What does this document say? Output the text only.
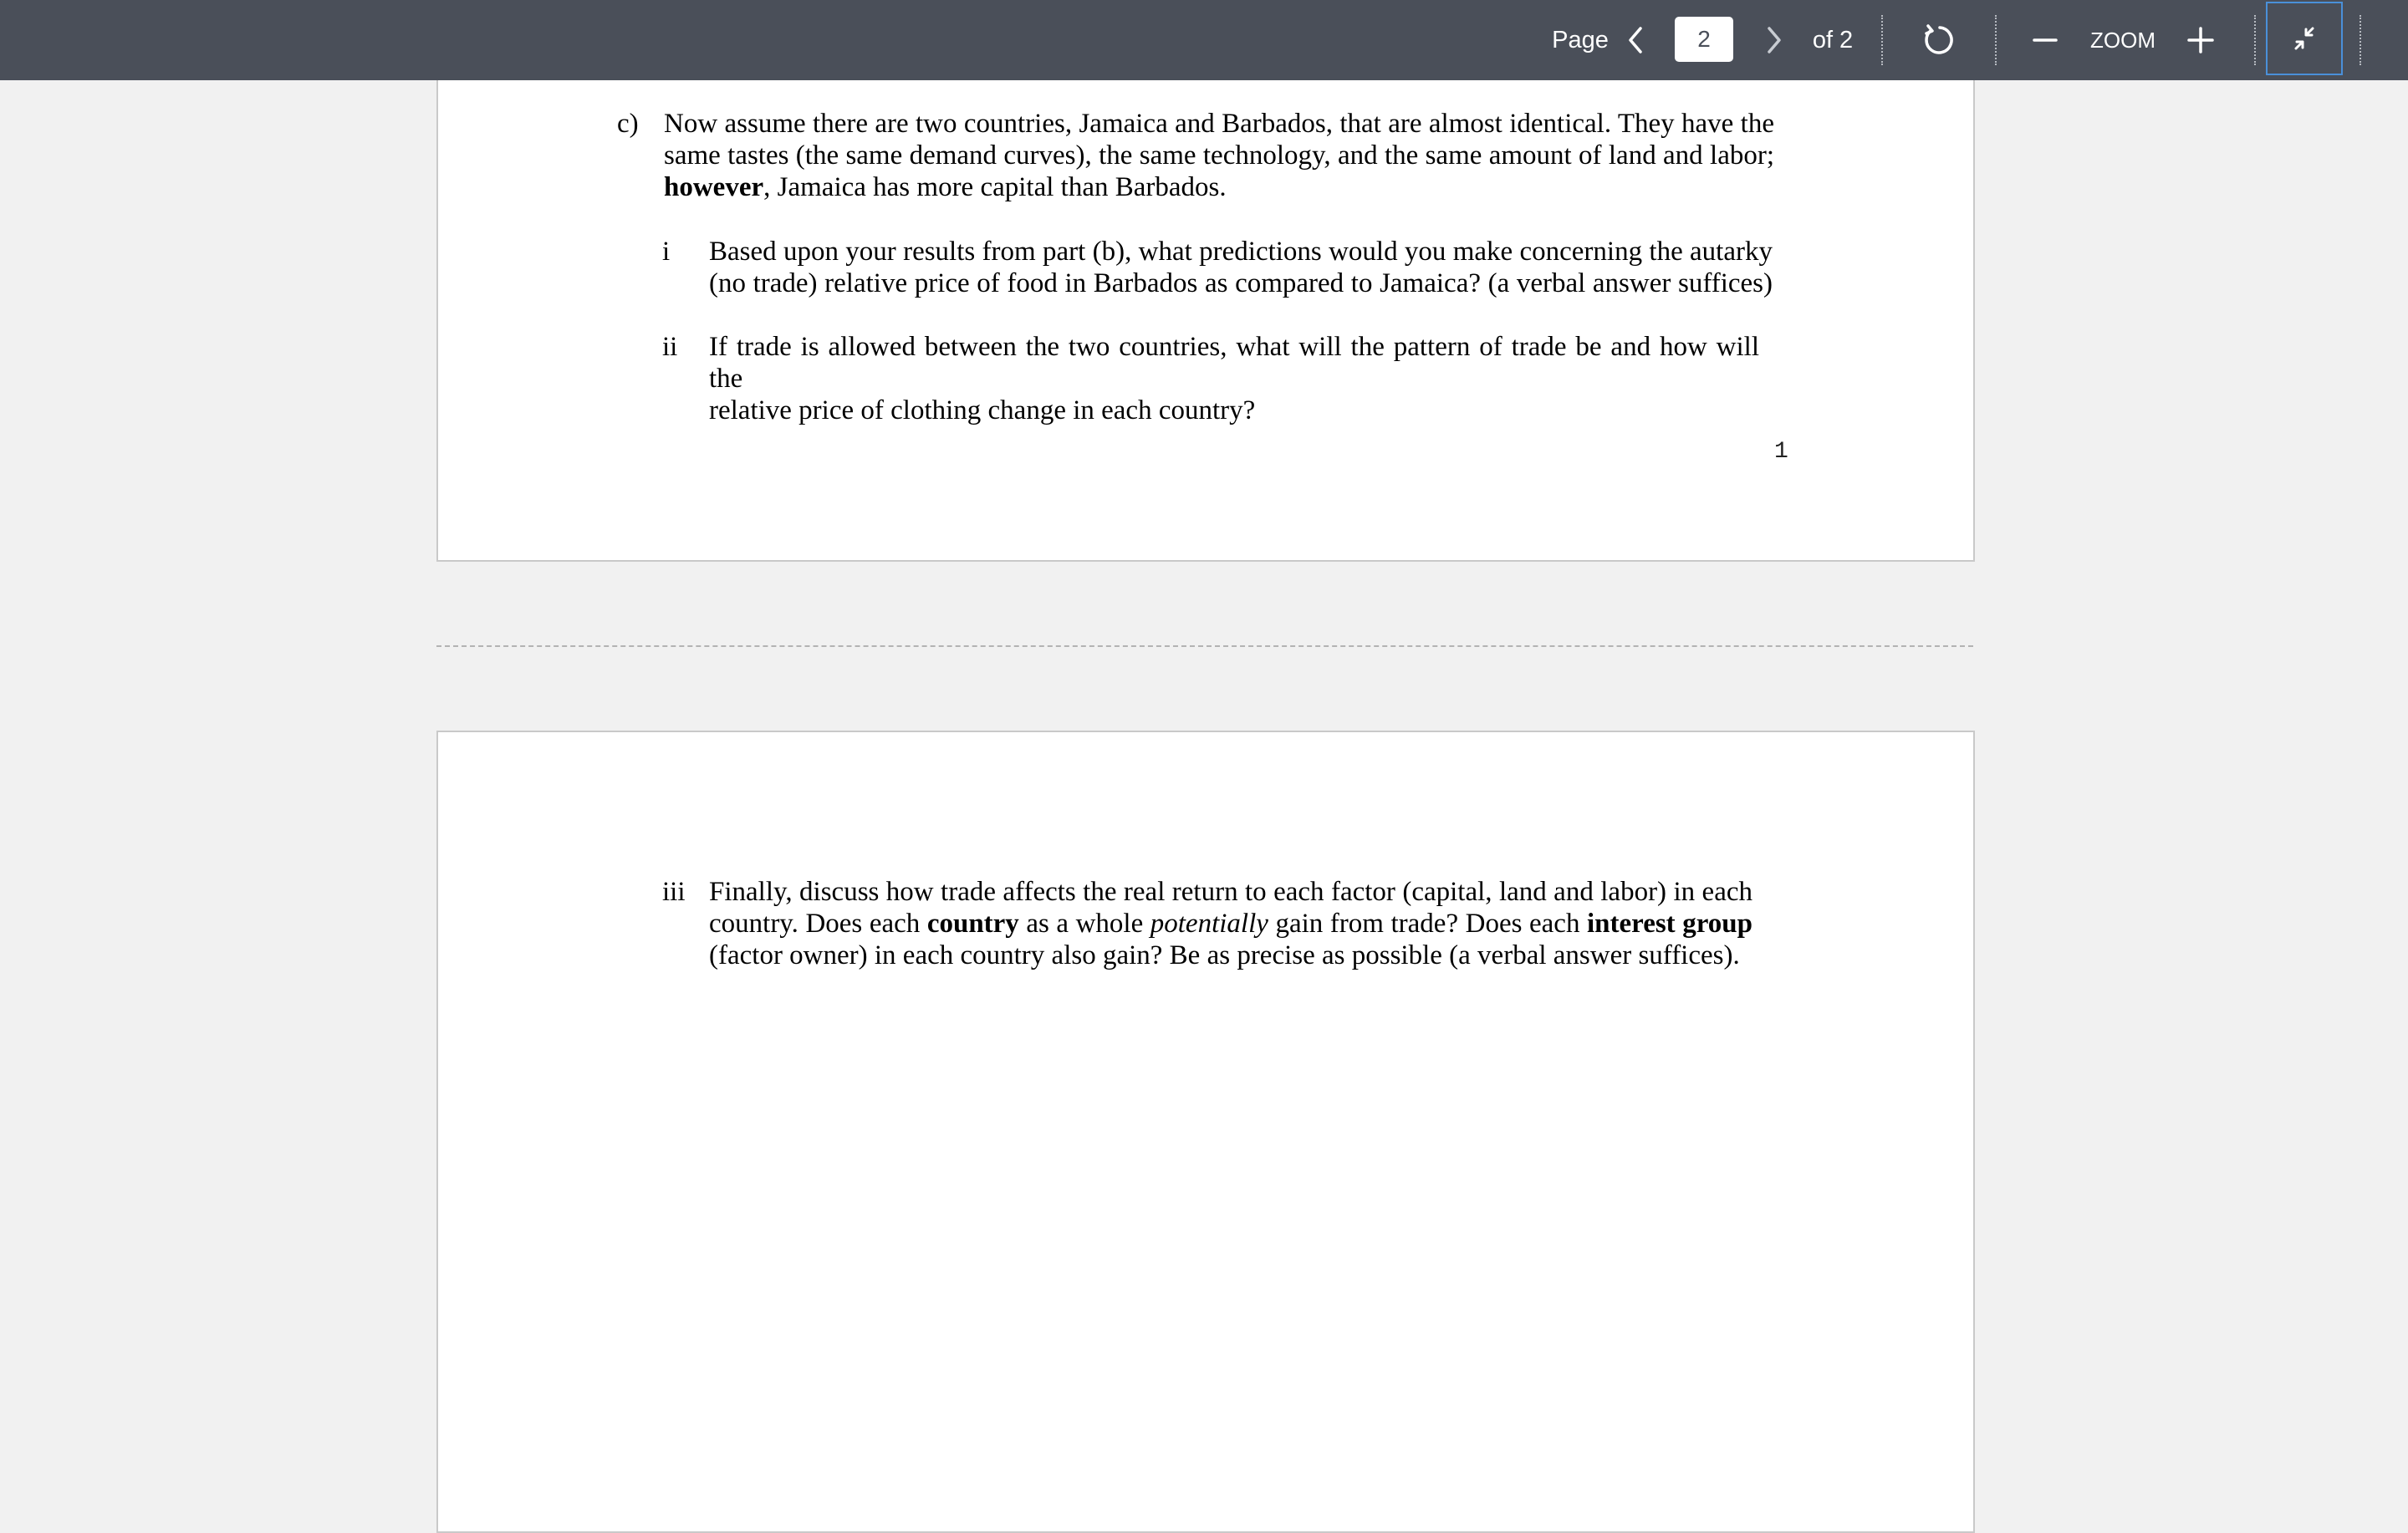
Page
2	of 2	ZOOM
c) Now assume there are two countries, Jamaica and Barbados, that are almost identical. They have the
same tastes (the same demand curves), the same technology, and the same amount of land and labor;
however, Jamaica has more capital than Barbados.
i Based upon your results from part (b), what predictions would you make concerning the autarky
(no trade) relative price of food in Barbados as compared to Jamaica? (a verbal answer suffices)
ii If trade is allowed between the two countries, what will the pattern of trade be and how will the
relative price of clothing change in each country?
1
iii Finally, discuss how trade affects the real return to each factor (capital, land and labor) in each
country. Does each country as a whole potentially gain from trade? Does each interest group
(factor owner) in each country also gain? Be as precise as possible (a verbal answer suffices).
